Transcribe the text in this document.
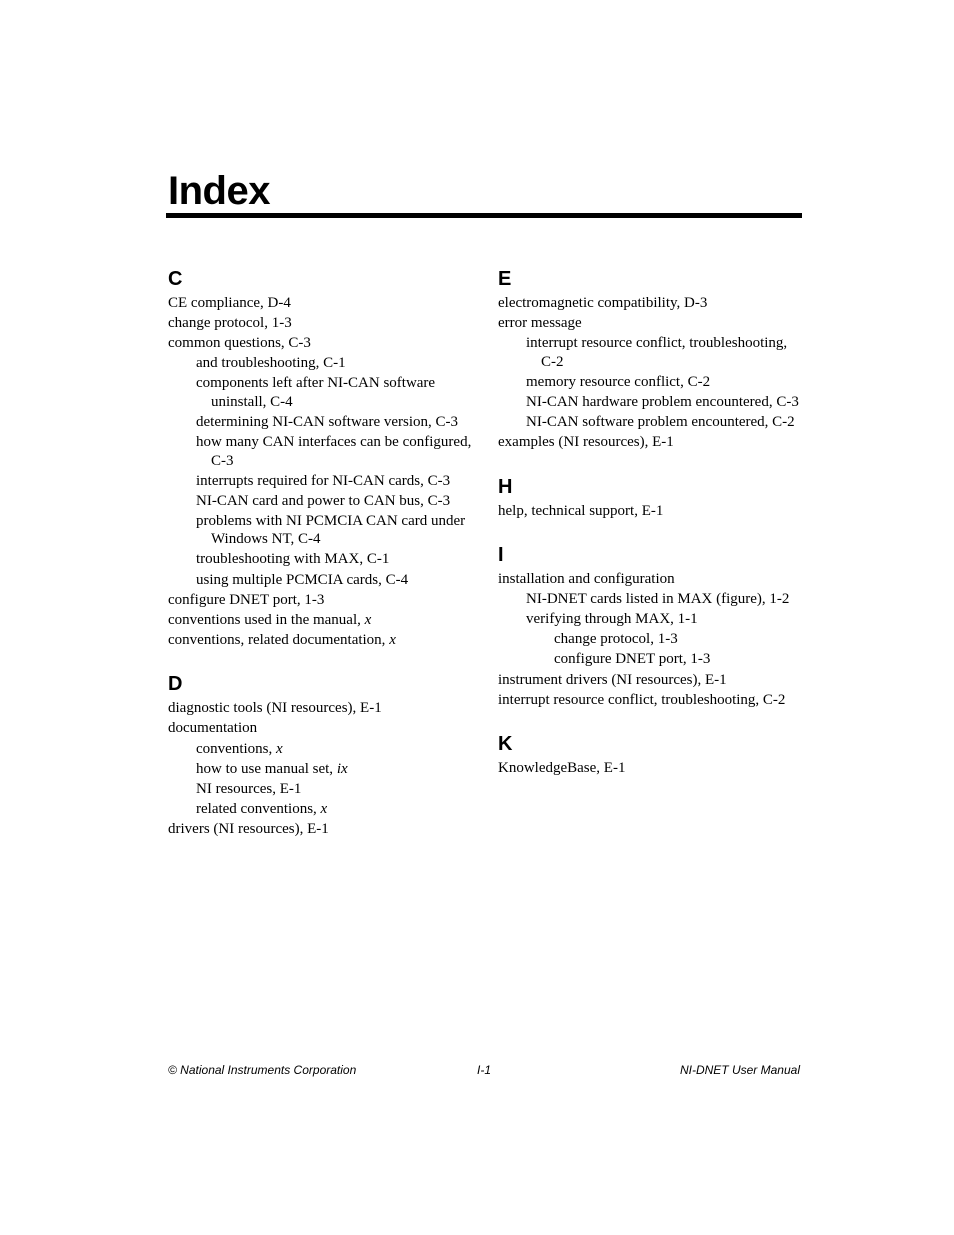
Index
C
CE compliance, D-4
change protocol, 1-3
common questions, C-3
and troubleshooting, C-1
components left after NI-CAN software uninstall, C-4
determining NI-CAN software version, C-3
how many CAN interfaces can be configured, C-3
interrupts required for NI-CAN cards, C-3
NI-CAN card and power to CAN bus, C-3
problems with NI PCMCIA CAN card under Windows NT, C-4
troubleshooting with MAX, C-1
using multiple PCMCIA cards, C-4
configure DNET port, 1-3
conventions used in the manual, x
conventions, related documentation, x
D
diagnostic tools (NI resources), E-1
documentation
conventions, x
how to use manual set, ix
NI resources, E-1
related conventions, x
drivers (NI resources), E-1
E
electromagnetic compatibility, D-3
error message
interrupt resource conflict, troubleshooting, C-2
memory resource conflict, C-2
NI-CAN hardware problem encountered, C-3
NI-CAN software problem encountered, C-2
examples (NI resources), E-1
H
help, technical support, E-1
I
installation and configuration
NI-DNET cards listed in MAX (figure), 1-2
verifying through MAX, 1-1
change protocol, 1-3
configure DNET port, 1-3
instrument drivers (NI resources), E-1
interrupt resource conflict, troubleshooting, C-2
K
KnowledgeBase, E-1
© National Instruments Corporation	I-1	NI-DNET User Manual
